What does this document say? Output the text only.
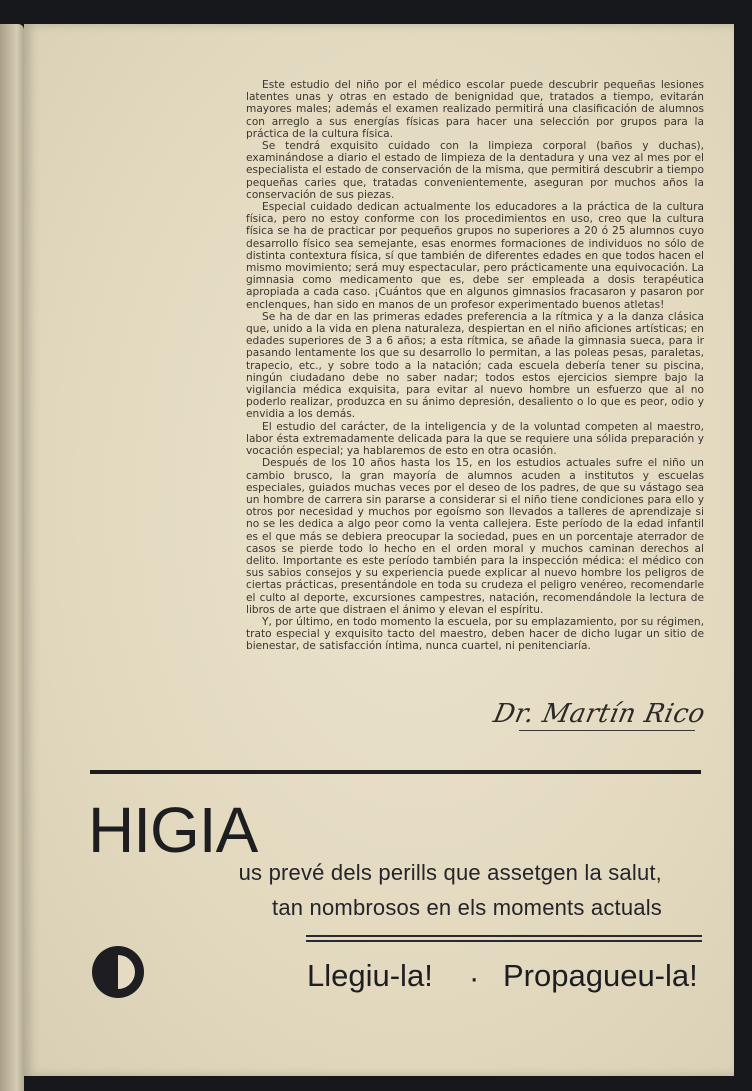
Este estudio del niño por el médico escolar puede descubrir pequeñas lesiones latentes unas y otras en estado de benignidad que, tratados a tiempo, evitarán mayores males; además el examen realizado permitirá una clasificación de alumnos con arreglo a sus energías físicas para hacer una selección por grupos para la práctica de la cultura física.

Se tendrá exquisito cuidado con la limpieza corporal (baños y duchas), examinándose a diario el estado de limpieza de la dentadura y una vez al mes por el especialista el estado de conservación de la misma, que permitirá descubrir a tiempo pequeñas caries que, tratadas convenientemente, aseguran por muchos años la conservación de sus piezas.

Especial cuidado dedican actualmente los educadores a la práctica de la cultura física, pero no estoy conforme con los procedimientos en uso, creo que la cultura física se ha de practicar por pequeños grupos no superiores a 20 ó 25 alumnos cuyo desarrollo físico sea semejante, esas enormes formaciones de individuos no sólo de distinta contextura física, sí que también de diferentes edades en que todos hacen el mismo movimiento; será muy espectacular, pero prácticamente una equivocación. La gimnasia como medicamento que es, debe ser empleada a dosis terapéutica apropiada a cada caso. ¡Cuántos que en algunos gimnasios fracasaron y pasaron por enclenques, han sido en manos de un profesor experimentado buenos atletas!

Se ha de dar en las primeras edades preferencia a la rítmica y a la danza clásica que, unido a la vida en plena naturaleza, despiertan en el niño aficiones artísticas; en edades superiores de 3 a 6 años; a esta rítmica, se añade la gimnasia sueca, para ir pasando lentamente los que su desarrollo lo permitan, a las poleas pesas, paraletas, trapecio, etc., y sobre todo a la natación; cada escuela debería tener su piscina, ningún ciudadano debe no saber nadar; todos estos ejercicios siempre bajo la vigilancia médica exquisita, para evitar al nuevo hombre un esfuerzo que al no poderlo realizar, produzca en su ánimo depresión, desaliento o lo que es peor, odio y envidia a los demás.

El estudio del carácter, de la inteligencia y de la voluntad competen al maestro, labor ésta extremadamente delicada para la que se requiere una sólida preparación y vocación especial; ya hablaremos de esto en otra ocasión.

Después de los 10 años hasta los 15, en los estudios actuales sufre el niño un cambio brusco, la gran mayoría de alumnos acuden a institutos y escuelas especiales, guiados muchas veces por el deseo de los padres, de que su vástago sea un hombre de carrera sin pararse a considerar si el niño tiene condiciones para ello y otros por necesidad y muchos por egoísmo son llevados a talleres de aprendizaje si no se les dedica a algo peor como la venta callejera. Este período de la edad infantil es el que más se debiera preocupar la sociedad, pues en un porcentaje aterrador de casos se pierde todo lo hecho en el orden moral y muchos caminan derechos al delito. Importante es este período también para la inspección médica: el médico con sus sabios consejos y su experiencia puede explicar al nuevo hombre los peligros de ciertas prácticas, presentándole en toda su crudeza el peligro venéreo, recomendarle el culto al deporte, excursiones campestres, natación, recomendándole la lectura de libros de arte que distraen el ánimo y elevan el espíritu.

Y, por último, en todo momento la escuela, por su emplazamiento, por su régimen, trato especial y exquisito tacto del maestro, deben hacer de dicho lugar un sitio de bienestar, de satisfacción íntima, nunca cuartel, ni penitenciaría.

Dr. Martín Rico
HIGIA
us prevé dels perills que assetgen la salut,
tan nombrosos en els moments actuals
Llegiu-la! · Propagueu-la!
